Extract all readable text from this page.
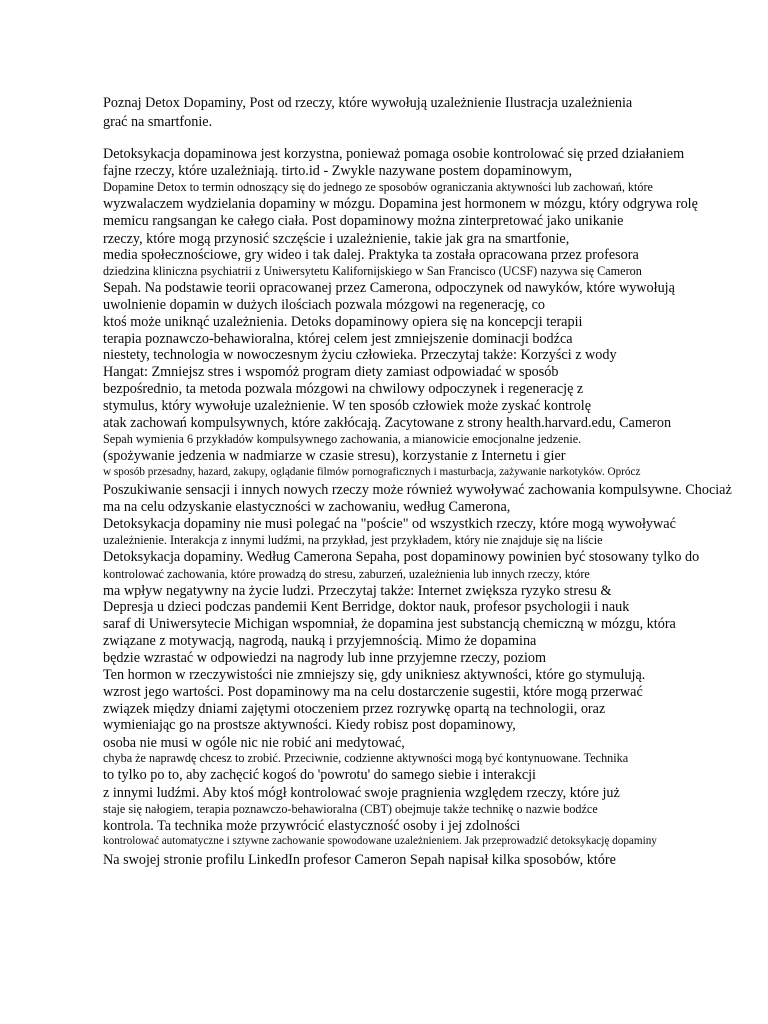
Poznaj Detox Dopaminy, Post od rzeczy, które wywołują uzależnienie Ilustracja uzależnienia
grać na smartfonie.
Detoksykacja dopaminowa jest korzystna, ponieważ pomaga osobie kontrolować się przed działaniem
fajne rzeczy, które uzależniają. tirto.id - Zwykle nazywane postem dopaminowym,
Dopamine Detox to termin odnoszący się do jednego ze sposobów ograniczania aktywności lub zachowań, które
wyzwalaczem wydzielania dopaminy w mózgu. Dopamina jest hormonem w mózgu, który odgrywa rolę
memicu rangsangan ke całego ciała. Post dopaminowy można zinterpretować jako unikanie
rzeczy, które mogą przynosić szczęście i uzależnienie, takie jak gra na smartfonie,
media społecznościowe, gry wideo i tak dalej. Praktyka ta została opracowana przez profesora
dziedzina kliniczna psychiatrii z Uniwersytetu Kalifornijskiego w San Francisco (UCSF) nazywa się Cameron
Sepah. Na podstawie teorii opracowanej przez Camerona, odpoczynek od nawyków, które wywołują
uwolnienie dopamin w dużych ilościach pozwala mózgowi na regenerację, co
ktoś może uniknąć uzależnienia. Detoks dopaminowy opiera się na koncepcji terapii
terapia poznawczo-behawioralna, której celem jest zmniejszenie dominacji bodźca
niestety, technologia w nowoczesnym życiu człowieka. Przeczytaj także: Korzyści z wody
Hangat: Zmniejsz stres i wspomóż program diety zamiast odpowiadać w sposób
bezpośrednio, ta metoda pozwala mózgowi na chwilowy odpoczynek i regenerację z
stymulus, który wywołuje uzależnienie. W ten sposób człowiek może zyskać kontrolę
atak zachowań kompulsywnych, które zakłócają. Zacytowane z strony health.harvard.edu, Cameron
Sepah wymienia 6 przykładów kompulsywnego zachowania, a mianowicie emocjonalne jedzenie.
(spożywanie jedzenia w nadmiarze w czasie stresu), korzystanie z Internetu i gier
w sposób przesadny, hazard, zakupy, oglądanie filmów pornograficznych i masturbacja, zażywanie narkotyków. Oprócz
Poszukiwanie sensacji i innych nowych rzeczy może również wywoływać zachowania kompulsywne. Chociaż
ma na celu odzyskanie elastyczności w zachowaniu, według Camerona,
Detoksykacja dopaminy nie musi polegać na "poście" od wszystkich rzeczy, które mogą wywoływać
uzależnienie. Interakcja z innymi ludźmi, na przykład, jest przykładem, który nie znajduje się na liście
Detoksykacja dopaminy. Według Camerona Sepaha, post dopaminowy powinien być stosowany tylko do
kontrolować zachowania, które prowadzą do stresu, zaburzeń, uzależnienia lub innych rzeczy, które
ma wpływ negatywny na życie ludzi. Przeczytaj także: Internet zwiększa ryzyko stresu &
Depresja u dzieci podczas pandemii Kent Berridge, doktor nauk, profesor psychologii i nauk
saraf di Uniwersytecie Michigan wspomniał, że dopamina jest substancją chemiczną w mózgu, która
związane z motywacją, nagrodą, nauką i przyjemnością. Mimo że dopamina
będzie wzrastać w odpowiedzi na nagrody lub inne przyjemne rzeczy, poziom
Ten hormon w rzeczywistości nie zmniejszy się, gdy unikniesz aktywności, które go stymulują.
wzrost jego wartości. Post dopaminowy ma na celu dostarczenie sugestii, które mogą przerwać
związek między dniami zajętymi otoczeniem przez rozrywkę opartą na technologii, oraz
wymieniając go na prostsze aktywności. Kiedy robisz post dopaminowy,
osoba nie musi w ogóle nic nie robić ani medytować,
chyba że naprawdę chcesz to zrobić. Przeciwnie, codzienne aktywności mogą być kontynuowane. Technika
to tylko po to, aby zachęcić kogoś do 'powrotu' do samego siebie i interakcji
z innymi ludźmi. Aby ktoś mógł kontrolować swoje pragnienia względem rzeczy, które już
staje się nałogiem, terapia poznawczo-behawioralna (CBT) obejmuje także technikę o nazwie bodźce
kontrola. Ta technika może przywrócić elastyczność osoby i jej zdolności
kontrolować automatyczne i sztywne zachowanie spowodowane uzależnieniem. Jak przeprowadzić detoksykację dopaminy
Na swojej stronie profilu LinkedIn profesor Cameron Sepah napisał kilka sposobów, które
